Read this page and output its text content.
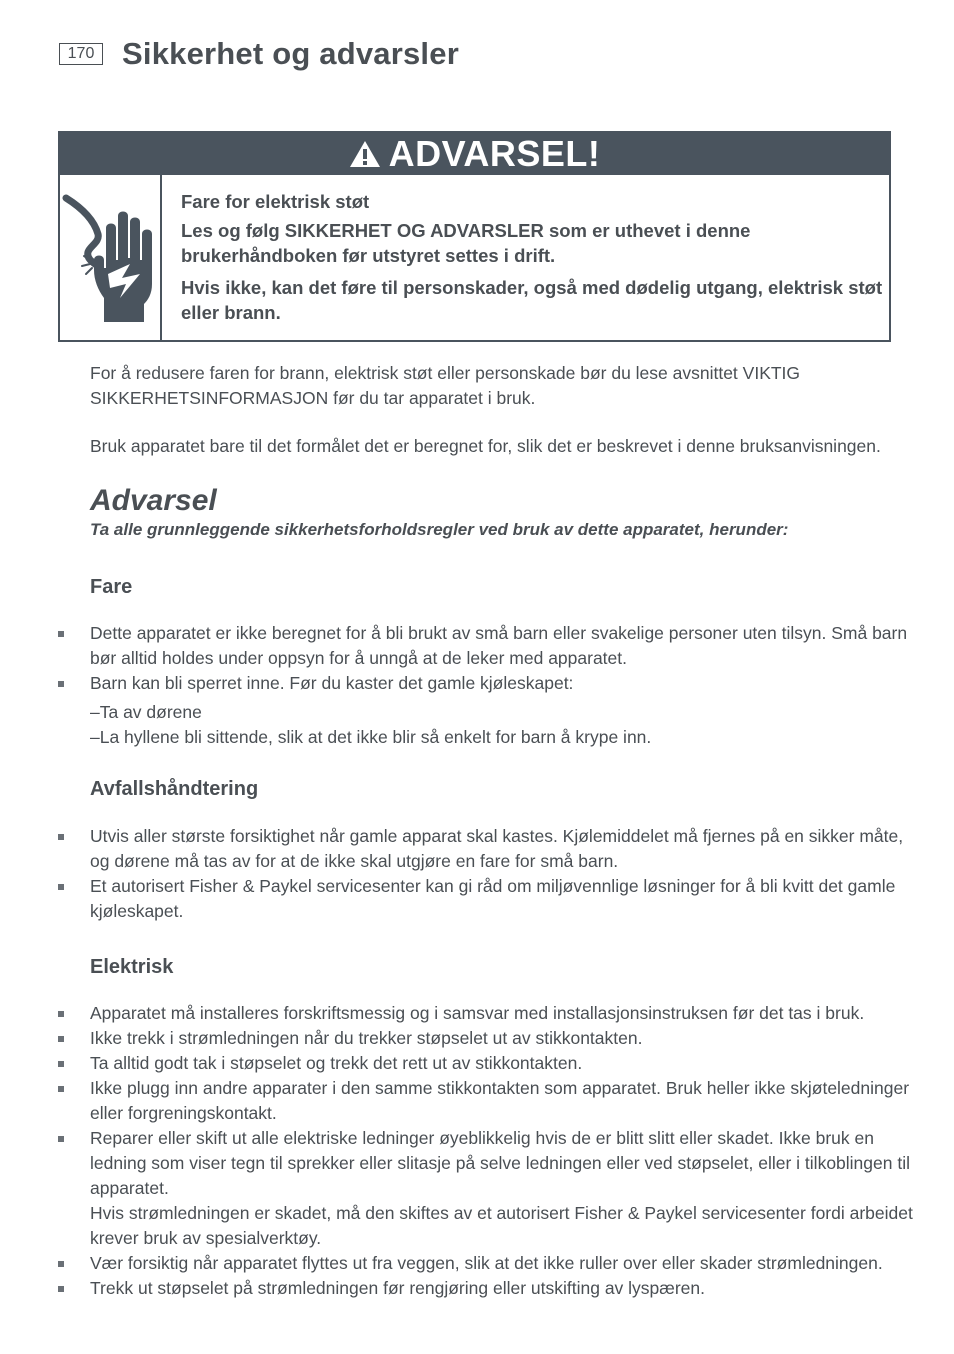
170 Sikkerhet og advarsler
ADVARSEL!

Fare for elektrisk støt

Les og følg SIKKERHET OG ADVARSLER som er uthevet i denne brukerhåndboken før utstyret settes i drift.

Hvis ikke, kan det føre til personskader, også med dødelig utgang, elektrisk støt eller brann.

For å redusere faren for brann, elektrisk støt eller personskade bør du lese avsnittet VIKTIG SIKKERHETSINFORMASJON før du tar apparatet i bruk.

Bruk apparatet bare til det formålet det er beregnet for, slik det er beskrevet i denne bruksanvisningen.

Advarsel
Ta alle grunnleggende sikkerhetsforholdsregler ved bruk av dette apparatet, herunder:
Fare
Dette apparatet er ikke beregnet for å bli brukt av små barn eller svakelige personer uten tilsyn. Små barn bør alltid holdes under oppsyn for å unngå at de leker med apparatet.
Barn kan bli sperret inne. Før du kaster det gamle kjøleskapet:

–Ta av dørene

–La hyllene bli sittende, slik at det ikke blir så enkelt for barn å krype inn.

Avfallshåndtering
Utvis aller største forsiktighet når gamle apparat skal kastes. Kjølemiddelet må fjernes på en sikker måte, og dørene må tas av for at de ikke skal utgjøre en fare for små barn.
Et autorisert Fisher & Paykel servicesenter kan gi råd om miljøvennlige løsninger for å bli kvitt det gamle kjøleskapet.
Elektrisk
Apparatet må installeres forskriftsmessig og i samsvar med installasjonsinstruksen før det tas i bruk.
Ikke trekk i strømledningen når du trekker støpselet ut av stikkontakten.
Ta alltid godt tak i støpselet og trekk det rett ut av stikkontakten.
Ikke plugg inn andre apparater i den samme stikkontakten som apparatet. Bruk heller ikke skjøteledninger eller forgreningskontakt.
Reparer eller skift ut alle elektriske ledninger øyeblikkelig hvis de er blitt slitt eller skadet. Ikke bruk en ledning som viser tegn til sprekker eller slitasje på selve ledningen eller ved støpselet, eller i tilkoblingen til apparatet.
Hvis strømledningen er skadet, må den skiftes av et autorisert Fisher & Paykel servicesenter fordi arbeidet krever bruk av spesialverktøy.
Vær forsiktig når apparatet flyttes ut fra veggen, slik at det ikke ruller over eller skader strømledningen.
Trekk ut støpselet på strømledningen før rengjøring eller utskifting av lyspæren.
